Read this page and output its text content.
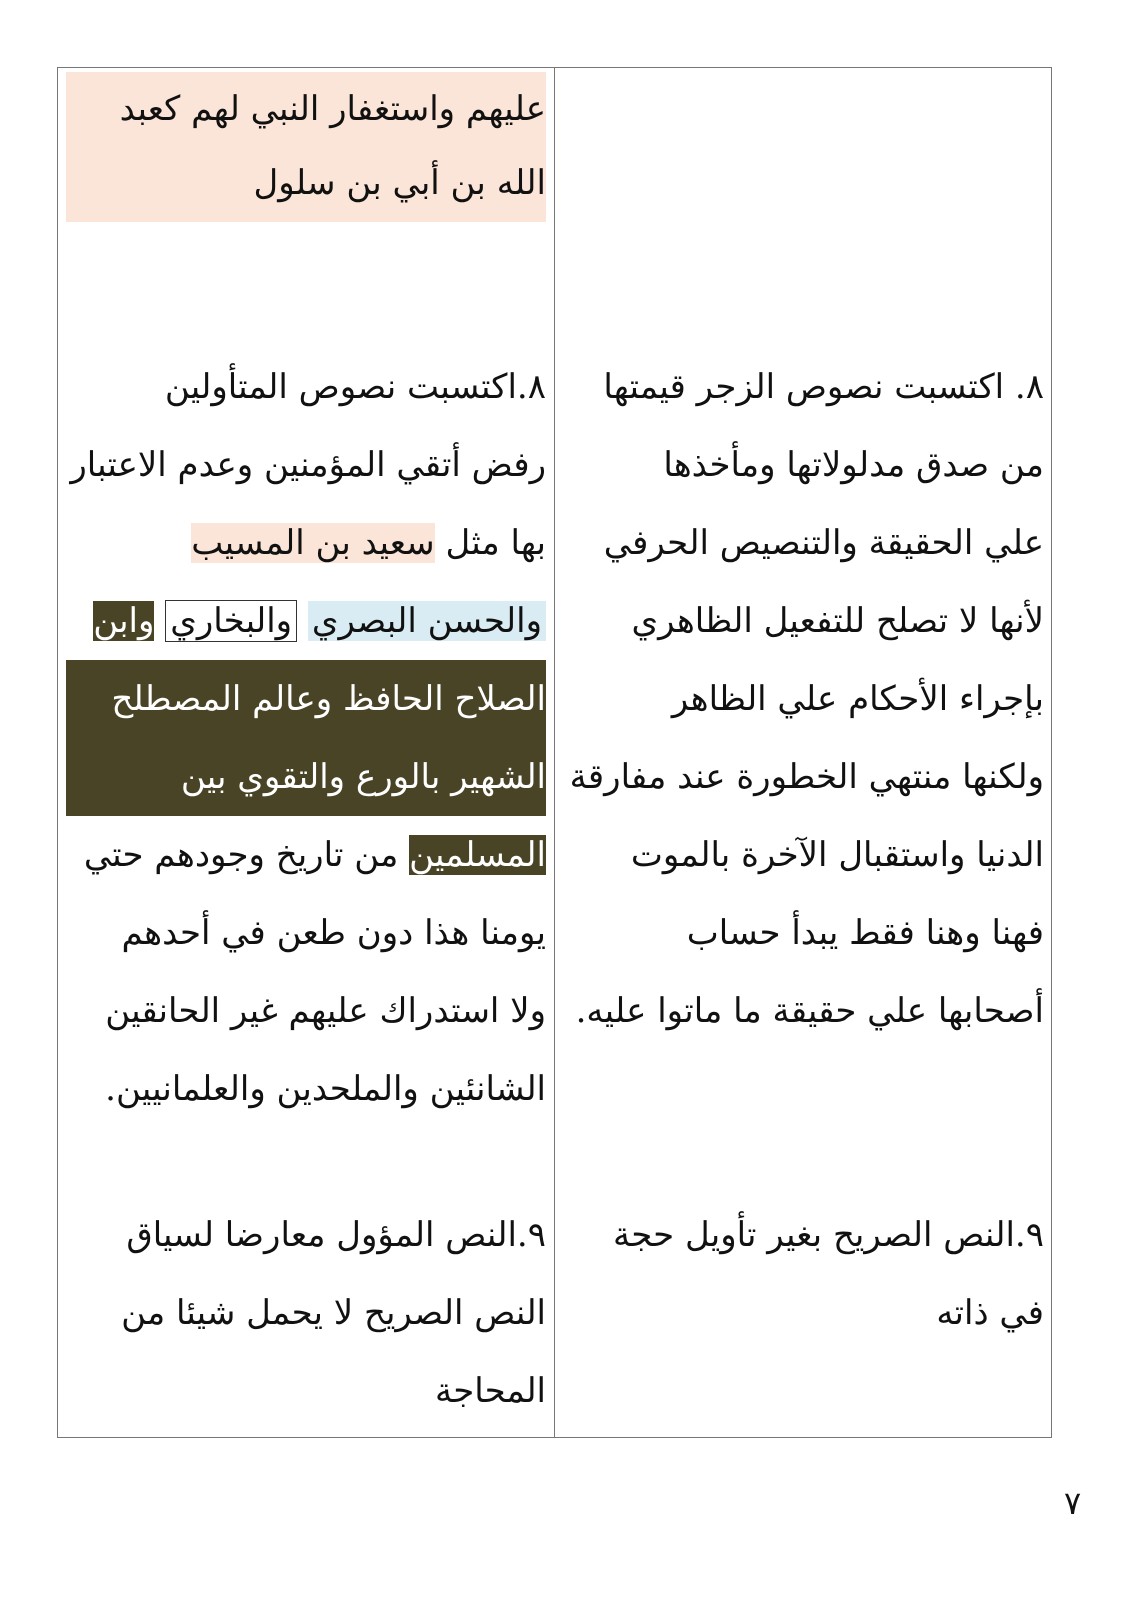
عليهم واستغفار النبي لهم كعبد

الله بن أبي بن سلول

٨.اكتسبت نصوص المتأولين

رفض أتقي المؤمنين وعدم الاعتبار

بها مثل سعيد بن المسيب

والحسن البصري والبخاري وابن

الصلاح الحافظ وعالم المصطلح

الشهير بالورع والتقوي بين

المسلمين من تاريخ وجودهم حتي

يومنا هذا دون طعن في أحدهم

ولا استدراك عليهم غير الحانقين

الشانئين والملحدين والعلمانيين.

٩.النص المؤول معارضا لسياق

النص الصريح لا يحمل شيئا من

المحاجة

٨. اكتسبت نصوص الزجر قيمتها

من صدق مدلولاتها ومأخذها

علي الحقيقة والتنصيص الحرفي

لأنها لا تصلح للتفعيل الظاهري

بإجراء الأحكام علي الظاهر

ولكنها منتهي الخطورة عند مفارقة

الدنيا واستقبال الآخرة بالموت

فهنا وهنا فقط يبدأ حساب

أصحابها علي حقيقة ما ماتوا عليه.

٩.النص الصريح بغير تأويل حجة

في ذاته

٧
